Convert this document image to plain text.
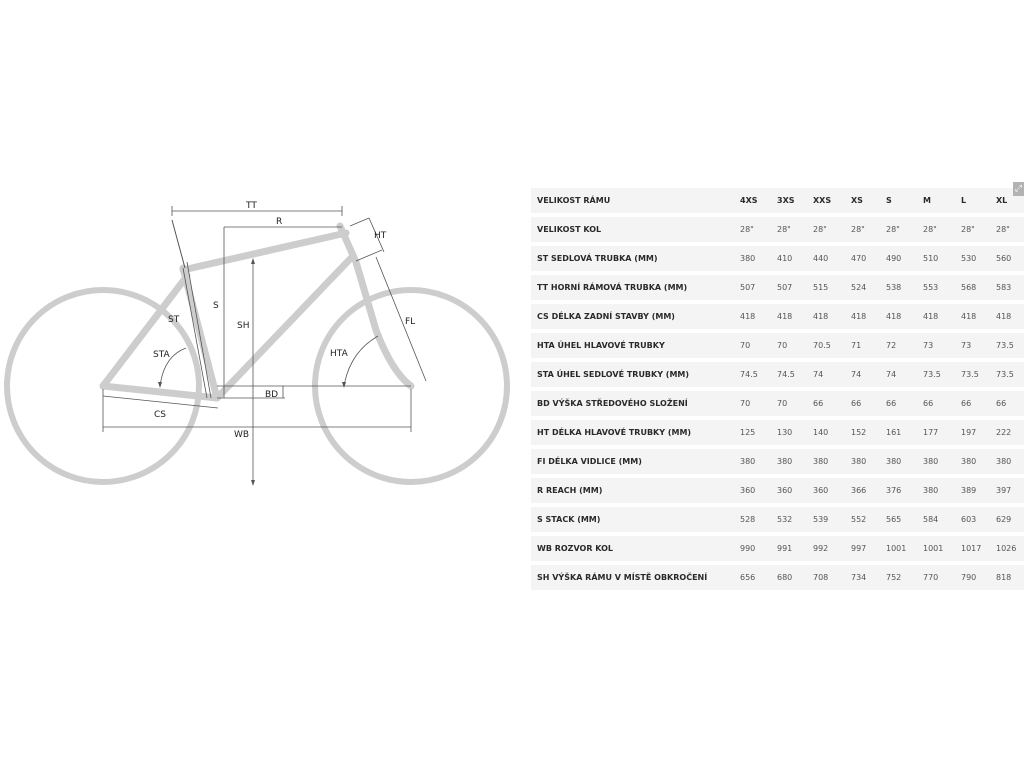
TT
R
HT
S
SH
ST
STA
FL
HTA
BD
CS
WB
VELIKOST RÁMU	4XS	3XS	XXS	XS	S	M	L	XL
VELIKOST KOL	28"	28"	28"	28"	28"	28"	28"	28"
ST SEDLOVÁ TRUBKA (MM)	380	410	440	470	490	510	530	560
TT HORNÍ RÁMOVÁ TRUBKA (MM)	507	507	515	524	538	553	568	583
CS DÉLKA ZADNÍ STAVBY (MM)	418	418	418	418	418	418	418	418
HTA ÚHEL HLAVOVÉ TRUBKY	70	70	70.5	71	72	73	73	73.5
STA ÚHEL SEDLOVÉ TRUBKY (MM)	74.5	74.5	74	74	74	73.5	73.5	73.5
BD VÝŠKA STŘEDOVÉHO SLOŽENÍ	70	70	66	66	66	66	66	66
HT DÉLKA HLAVOVÉ TRUBKY (MM)	125	130	140	152	161	177	197	222
FI DÉLKA VIDLICE (MM)	380	380	380	380	380	380	380	380
R REACH (MM)	360	360	360	366	376	380	389	397
S STACK (MM)	528	532	539	552	565	584	603	629
WB ROZVOR KOL	990	991	992	997	1001	1001	1017	1026
SH VÝŠKA RÁMU V MÍSTĚ OBKROČENÍ	656	680	708	734	752	770	790	818
⤢
